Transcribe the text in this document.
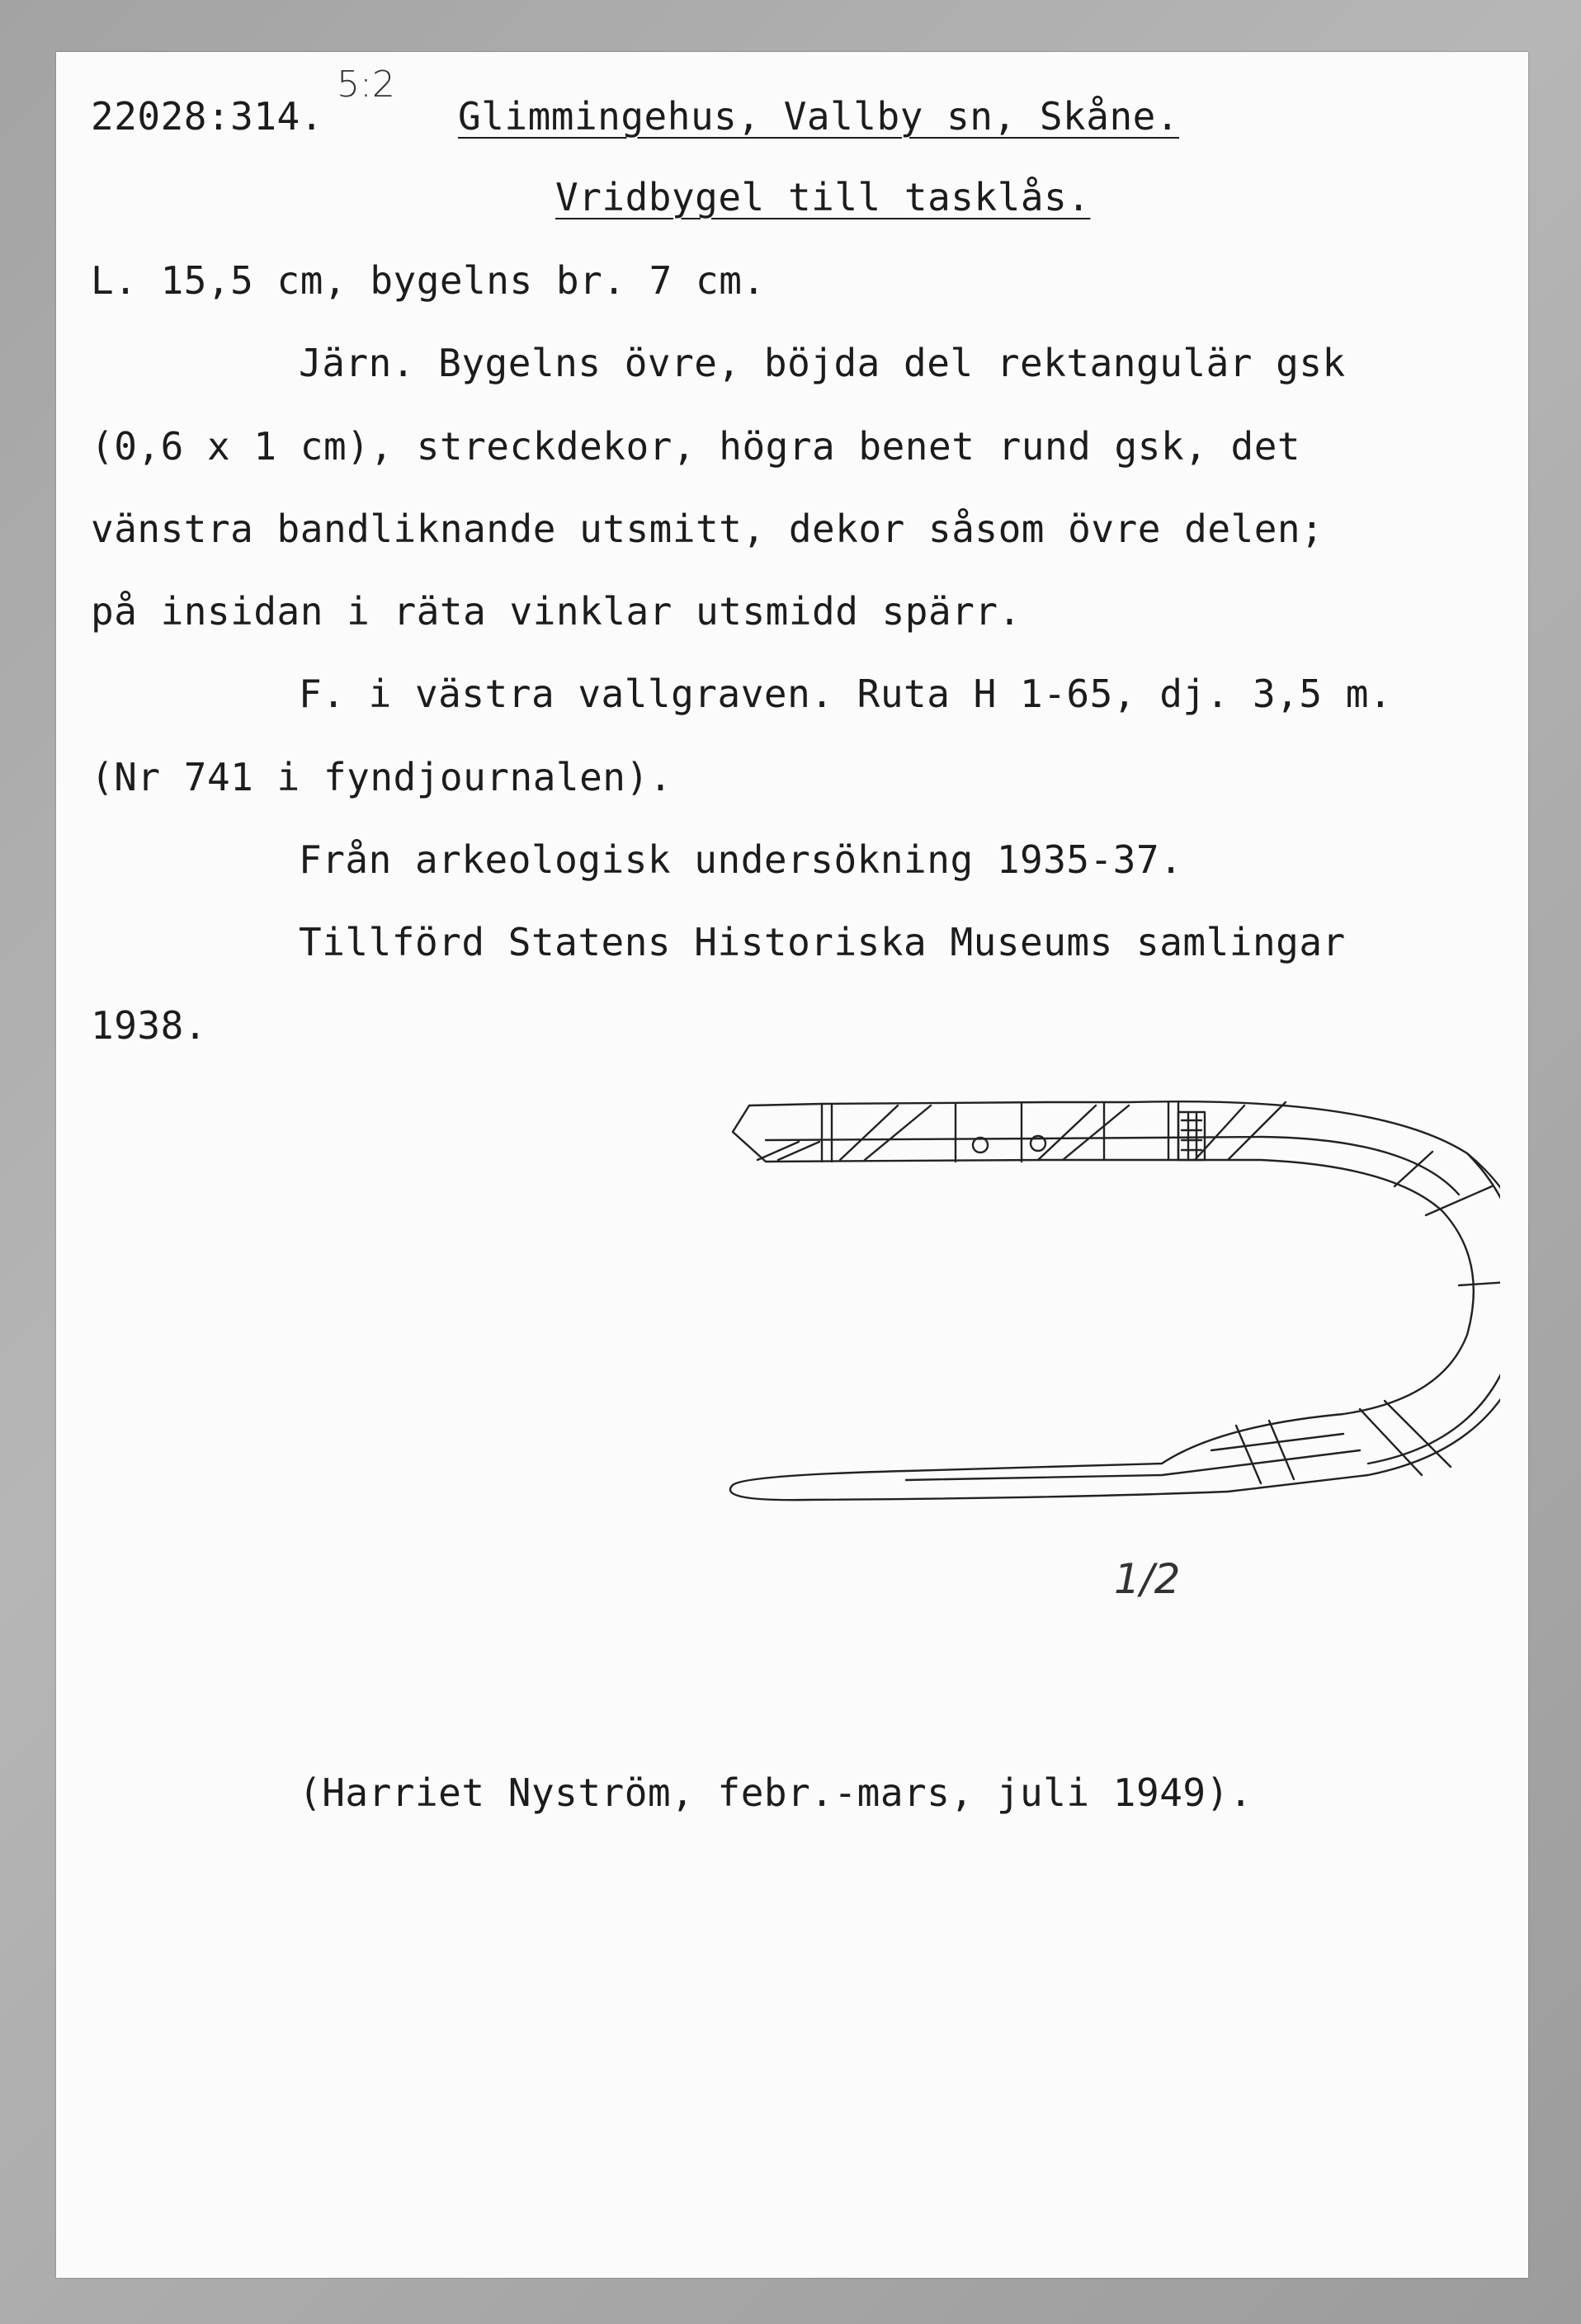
5:2
22028:314.	Glimmingehus, Vallby sn, Skåne.
Vridbygel till tasklås.
L. 15,5 cm, bygelns br. 7 cm.
Järn. Bygelns övre, böjda del rektangulär gsk
(0,6 x 1 cm), streckdekor, högra benet rund gsk, det
vänstra bandliknande utsmitt, dekor såsom övre delen;
på insidan i räta vinklar utsmidd spärr.
F. i västra vallgraven. Ruta H 1-65, dj. 3,5 m.
(Nr 741 i fyndjournalen).
Från arkeologisk undersökning 1935-37.
Tillförd Statens Historiska Museums samlingar
1938.
1/2
(Harriet Nyström, febr.-mars, juli 1949).
